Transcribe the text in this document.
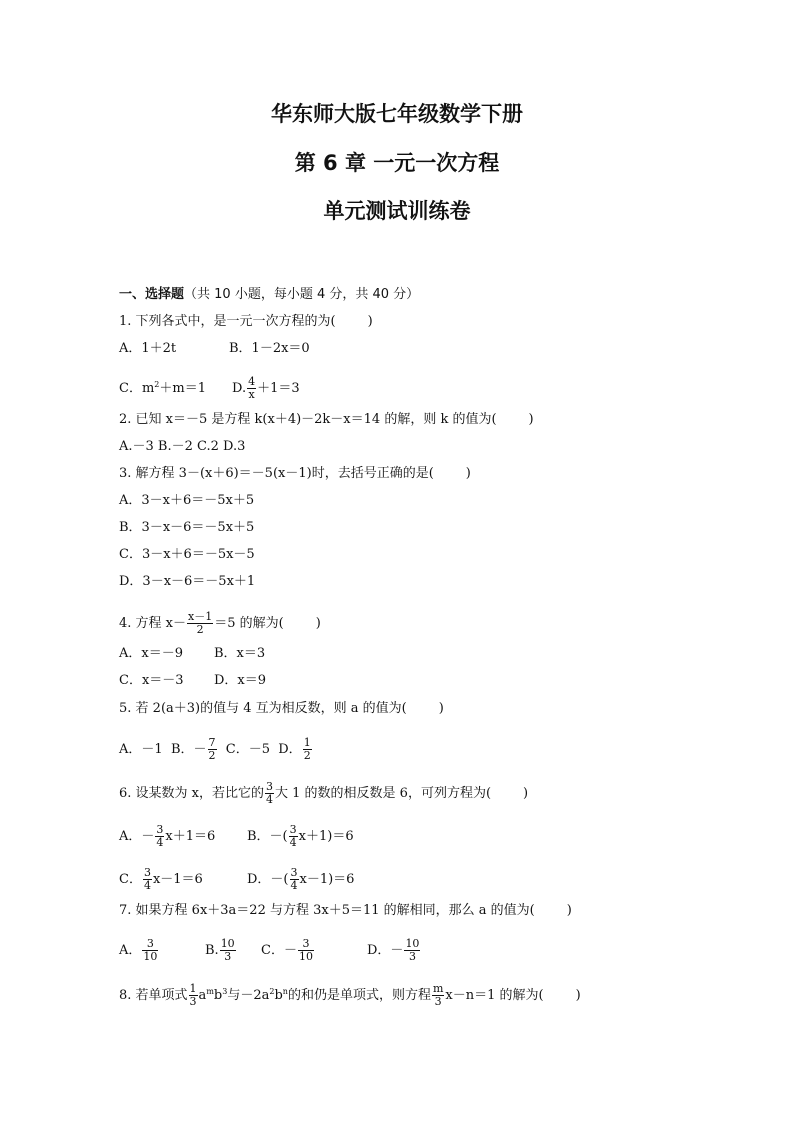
华东师大版七年级数学下册
第 6 章 一元一次方程
单元测试训练卷
一、选择题（共 10 小题，每小题 4 分，共 40 分）
1. 下列各式中，是一元一次方程的为( )
A．1＋2t	B．1－2x＝0
C．$m^2+m=1$ D. $\frac{4}{x} +1=3$
2. 已知 x＝－5 是方程 k(x＋4)－2k－x＝14 的解，则 k 的值为( )
A.－3 B.－2 C.2 D.3
3. 解方程 3－(x＋6)＝－5(x－1)时，去括号正确的是( )
A．3－x＋6＝－5x＋5
B．3－x－6＝－5x＋5
C．3－x＋6＝－5x－5
D．3－x－6＝－5x＋1
4. 方程 $x- \frac{x-1}{2} =5$ 的解为( )
A．x＝－9 B．x＝3
C．x＝－3 D．x＝9
5. 若 2(a＋3)的值与 4 互为相反数，则 a 的值为( )
A．－1 B．－ $\frac{7}{2}$ C．－5 D． $\frac{1}{2}$
6. 设某数为 x，若比它的 $\frac{3}{4}$ 大 1 的数的相反数是 6，可列方程为( )
A．－ $\frac{3}{4} x+1=6$ B．－( $\frac{3}{4} x+1)=6$
C． $\frac{3}{4} x-1=6$	D．－( $\frac{3}{4} x-1)=6$
7. 如果方程 6x＋3a＝22 与方程 3x＋5＝11 的解相同，那么 a 的值为( )
A． $\frac{3}{10}$	B. $\frac{10}{3}$ C．－ $\frac{3}{10}$	D．－ $\frac{10}{3}$
8. 若单项式 $\frac{1}{3} a^mb^3$与$-2a^2b^n$的和仍是单项式，则方程 $\frac{m}{3} x-n=1$ 的解为( )
